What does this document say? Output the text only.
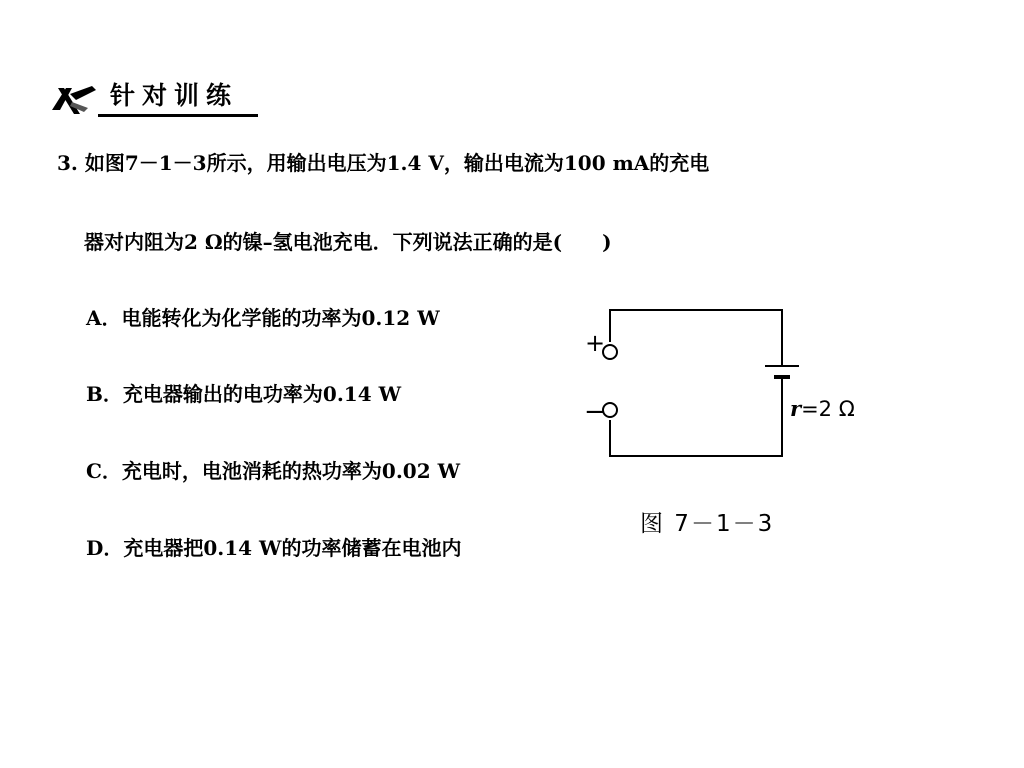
针对训练
3. 如图7－1－3所示，用输出电压为1.4 V，输出电流为100 mA的充电
器对内阻为2 Ω的镍–氢电池充电．下列说法正确的是(　　)
A．电能转化为化学能的功率为0.12 W
B．充电器输出的电功率为0.14 W
C．充电时，电池消耗的热功率为0.02 W
D．充电器把0.14 W的功率储蓄在电池内
+
−	r=2 Ω
图 7－1－3
